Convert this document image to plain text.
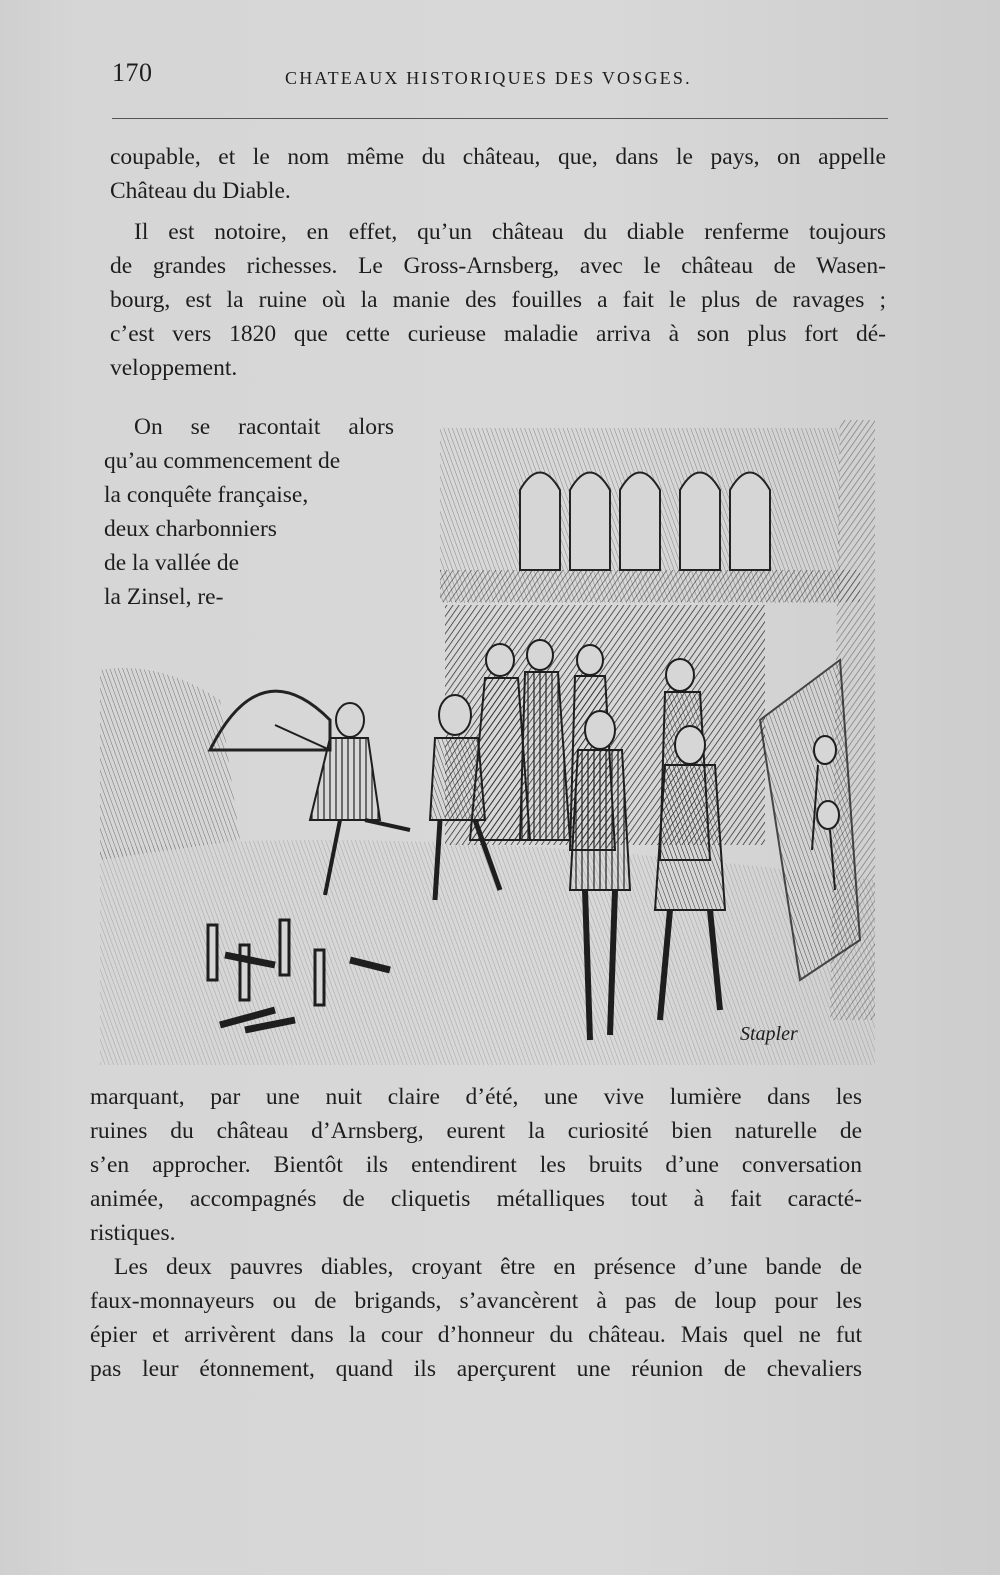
170	CHATEAUX HISTORIQUES DES VOSGES.

coupable, et le nom même du château, que, dans le pays, on appelle
Château du Diable.

Il est notoire, en effet, qu’un château du diable renferme toujours
de grandes richesses. Le Gross-Arnsberg, avec le château de Wasen-
bourg, est la ruine où la manie des fouilles a fait le plus de ravages ;
c’est vers 1820 que cette curieuse maladie arriva à son plus fort dé-
veloppement.

On se racontait alors
qu’au commencement de
la conquête française,
deux charbonniers
de la vallée de
la Zinsel, re-

Stapler

marquant, par une nuit claire d’été, une vive lumière dans les
ruines du château d’Arnsberg, eurent la curiosité bien naturelle de
s’en approcher. Bientôt ils entendirent les bruits d’une conversation
animée, accompagnés de cliquetis métalliques tout à fait caracté-
ristiques.

Les deux pauvres diables, croyant être en présence d’une bande de
faux-monnayeurs ou de brigands, s’avancèrent à pas de loup pour les
épier et arrivèrent dans la cour d’honneur du château. Mais quel ne fut
pas leur étonnement, quand ils aperçurent une réunion de chevaliers
